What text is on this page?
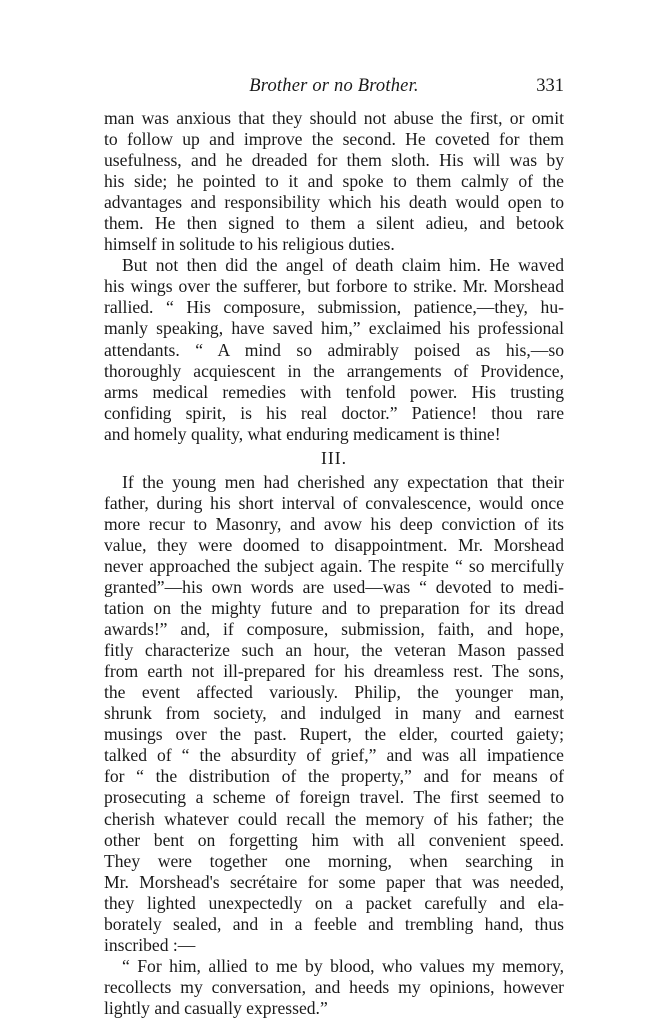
Brother or no Brother.	331
man was anxious that they should not abuse the first, or omit
to follow up and improve the second. He coveted for them
usefulness, and he dreaded for them sloth. His will was by
his side; he pointed to it and spoke to them calmly of the
advantages and responsibility which his death would open to
them. He then signed to them a silent adieu, and betook
himself in solitude to his religious duties.
But not then did the angel of death claim him. He waved
his wings over the sufferer, but forbore to strike. Mr. Morshead
rallied. “ His composure, submission, patience,—they, hu-
manly speaking, have saved him,” exclaimed his professional
attendants. “ A mind so admirably poised as his,—so
thoroughly acquiescent in the arrangements of Providence,
arms medical remedies with tenfold power. His trusting
confiding spirit, is his real doctor.” Patience! thou rare
and homely quality, what enduring medicament is thine!
III.
If the young men had cherished any expectation that their
father, during his short interval of convalescence, would once
more recur to Masonry, and avow his deep conviction of its
value, they were doomed to disappointment. Mr. Morshead
never approached the subject again. The respite “ so mercifully
granted”—his own words are used—was “ devoted to medi-
tation on the mighty future and to preparation for its dread
awards!” and, if composure, submission, faith, and hope,
fitly characterize such an hour, the veteran Mason passed
from earth not ill-prepared for his dreamless rest. The sons,
the event affected variously. Philip, the younger man,
shrunk from society, and indulged in many and earnest
musings over the past. Rupert, the elder, courted gaiety;
talked of “ the absurdity of grief,” and was all impatience
for “ the distribution of the property,” and for means of
prosecuting a scheme of foreign travel. The first seemed to
cherish whatever could recall the memory of his father; the
other bent on forgetting him with all convenient speed.
They were together one morning, when searching in
Mr. Morshead's secrétaire for some paper that was needed,
they lighted unexpectedly on a packet carefully and ela-
borately sealed, and in a feeble and trembling hand, thus
inscribed :—
“ For him, allied to me by blood, who values my memory,
recollects my conversation, and heeds my opinions, however
lightly and casually expressed.”
